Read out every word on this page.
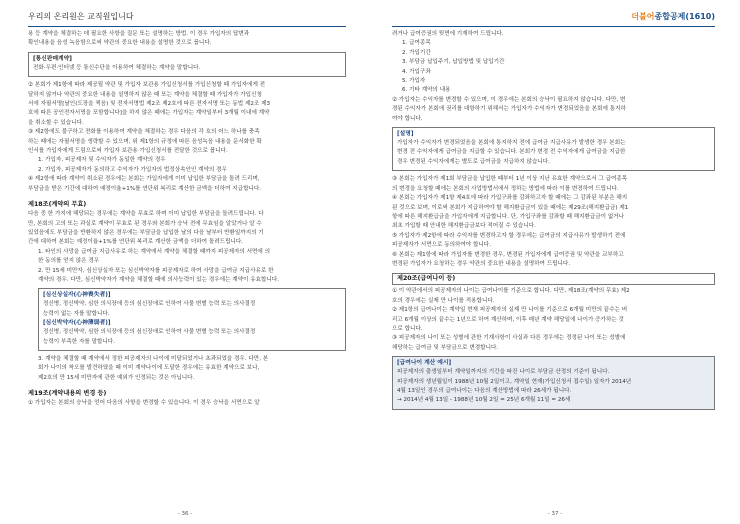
우리의 온리원은 교직원입니다

용 등 계약을 체결하는 데 필요한 사항을 질문 또는 설명하는 방법. 이 경우 가입자의 답변과

확인내용을 음성 녹음함으로써 약관의 중요한 내용을 설명한 것으로 봅니다.

[통신판매계약]

전화·우편·인터넷 등 통신수단을 이용하여 체결하는 계약을 말합니다.

② 본회가 제1항에 따라 제공될 약관 및 가입자 보관용 가입신청서를 가입신청할 때 가입자에게 전

달하지 않거나 약관의 중요한 내용을 설명하지 않은 때 또는 계약을 체결할 때 가입자가 가입신청

서에 자필서명[날인(도장을 찍음) 및 전자서명법 제2조 제2호에 따른 전자서명 또는 동법 제2조 제3

호에 따른 공인전자서명을 포함합니다]을 하지 않은 때에는 가입자는 계약일부터 3개월 이내에 계약

을 취소할 수 있습니다.

③ 제2항에도 불구하고 전화를 이용하여 계약을 체결하는 경우 다음의 각 호의 어느 하나를 충족

하는 때에는 자필서명을 생략할 수 있으며, 위 제1항의 규정에 따른 음성녹음 내용을 문서화한 확

인서를 가입자에게 드림으로써 가입자 보관용 가입신청서를 전달한 것으로 봅니다.

1. 가입자, 피공제자 및 수익자가 동일한 계약의 경우

2. 가입자, 피공제자가 동의하고 수익자가 가입자의 법정상속인인 계약의 경우

④ 제2항에 따라 계약이 취소된 경우에는 본회는 가입자에게 이미 납입한 부담금을 돌려 드리며,

부담금을 받은 기간에 대하여 예정이율+1%를 연단위 복리로 계산한 금액을 더하여 지급합니다.

제18조(계약의 무효)

다음 중 한 가지에 해당되는 경우에는 계약을 무효로 하며 이미 납입한 부담금을 돌려드립니다. 다

만, 본회의 고의 또는 과실로 계약이 무효로 된 경우와 본회가 승낙 전에 무효임을 알았거나 알 수

있었음에도 부담금을 반환하지 않은 경우에는 부담금을 납입한 날의 다음 날부터 반환일까지의 기

간에 대하여 본회는 예정이율+1%를 연단위 복리로 계산한 금액을 더하여 돌려드립니다.

1. 타인의 사망을 급여금 지급사유로 하는 계약에서 계약을 체결할 때까지 피공제자의 서면에 의

한 동의를 얻지 않은 경우

2. 만 15세 미만자, 심신상실자 또는 심신박약자를 피공제자로 하여 사망을 급여금 지급사유로 한

계약의 경우. 다만, 심신박약자가 계약을 체결할 때에 의사능력이 있는 경우에는 계약이 유효합니다.

[심신상실자(心神喪失者)]

정신병, 정신박약, 심한 의식장애 등의 심신장애로 인하여 사물 변별 능력 또는 의사결정

능력이 없는 자를 말합니다.

[심신박약자(心神薄弱者)]

정신병, 정신박약, 심한 의식장애 등의 심신장애로 인하여 사물 변별 능력 또는 의사결정

능력이 부족한 자를 말합니다.

3. 계약을 체결할 때 계약에서 정한 피공제자의 나이에 미달되었거나 초과되었을 경우. 다만, 본

회가 나이의 착오를 발견하였을 때 이미 계약나이에 도달한 경우에는 유효한 계약으로 보나,

제2호의 만 15세 미만자에 관한 예외가 인정되는 것은 아닙니다.

제19조(계약내용의 변경 등)

① 가입자는 본회의 승낙을 얻어 다음의 사항을 변경할 수 있습니다. 이 경우 승낙을 서면으로 알

- 36 -
더불어종합공제(1610)

려거나 급여증권의 뒷면에 기재하여 드립니다.

1. 급여종목

2. 가입기간

3. 부담금 납입주기, 납입방법 및 납입기간

4. 가입구좌

5. 가입자

6. 기타 계약의 내용

② 가입자는 수익자를 변경할 수 있으며, 이 경우에는 본회의 승낙이 필요하지 않습니다. 다만, 변

경된 수익자가 본회에 권리를 대항하기 위해서는 가입자가 수익자가 변경되었음을 본회에 통지하

여야 합니다.

[설명]

가입자가 수익자가 변경되었음을 본회에 통지하지 전에 급여금 지급사유가 발생한 경우 본회는

변경 전 수익자에게 급여금을 지급할 수 있습니다. 본회가 변경 전 수익자에게 급여금을 지급한

경우 변경된 수익자에게는 별도로 급여금을 지급하지 않습니다.

③ 본회는 가입자가 제1회 부담금을 납입한 때부터 1년 이상 지난 유효한 계약으로서 그 급여종목

의 변경을 요청할 때에는 본회의 사업방법서에서 정하는 방법에 따라 이를 변경하여 드립니다.

④ 본회는 가입자가 제1항 제4호에 따라 가입구좌를 감좌하고자 할 때에는 그 감좌된 부분은 해지

된 것으로 보며, 이로써 본회가 지급하여야 할 해지환급금이 있을 때에는 제29조(해지환급금) 제1

항에 따른 해지환급금을 가입자에게 지급합니다. 단, 가입구좌를 감좌할 때 해지환급금이 없거나

최초 가입할 때 안내한 해지환급금보다 적어질 수 있습니다.

⑤ 가입자가 제2항에 따라 수익자를 변경하고자 할 경우에는 급여금의 지급사유가 발생하기 전에

피공제자가 서면으로 동의하여야 합니다.

⑥ 본회는 제1항에 따라 가입자를 변경한 경우, 변경된 가입자에게 급여증권 및 약관을 교부하고

변경된 가입자가 요청하는 경우 약관의 중요한 내용을 설명하여 드립니다.

제20조(급여나이 등)

① 이 약관에서의 피공제자의 나이는 급여나이를 기준으로 합니다. 다만, 제18조(계약의 무효) 제2

호의 경우에는 실제 만 나이를 적용합니다.

② 제1항의 급여나이는 계약일 현재 피공제자의 실제 만 나이를 기준으로 6개월 미만의 끝수는 버

리고 6개월 이상의 끝수는 1년으로 하여 계산하며, 이후 매년 계약 해당일에 나이가 증가하는 것

으로 합니다.

③ 피공제자의 나이 또는 성별에 관한 기재사항이 사실과 다른 경우에는 정정된 나이 또는 성별에

해당하는 급여금 및 부담금으로 변경합니다.

[급여나이 계산 예시]

피공제자의 출생일부터 계약일까지의 기간을 따진 나이로 부담금 산정의 기준이 됩니다.

피공제자의 생년월일이 1988년 10월 2일이고, 계약일 현재(가입신청서 접수일) 일자가 2014년

4월 13일인 경우의 급여나이는 다음의 계산방법에 따라 26세가 됩니다.

→ 2014년 4월 13일 - 1988년 10월 2일 = 25년 6개월 11일 = 26세

- 37 -
